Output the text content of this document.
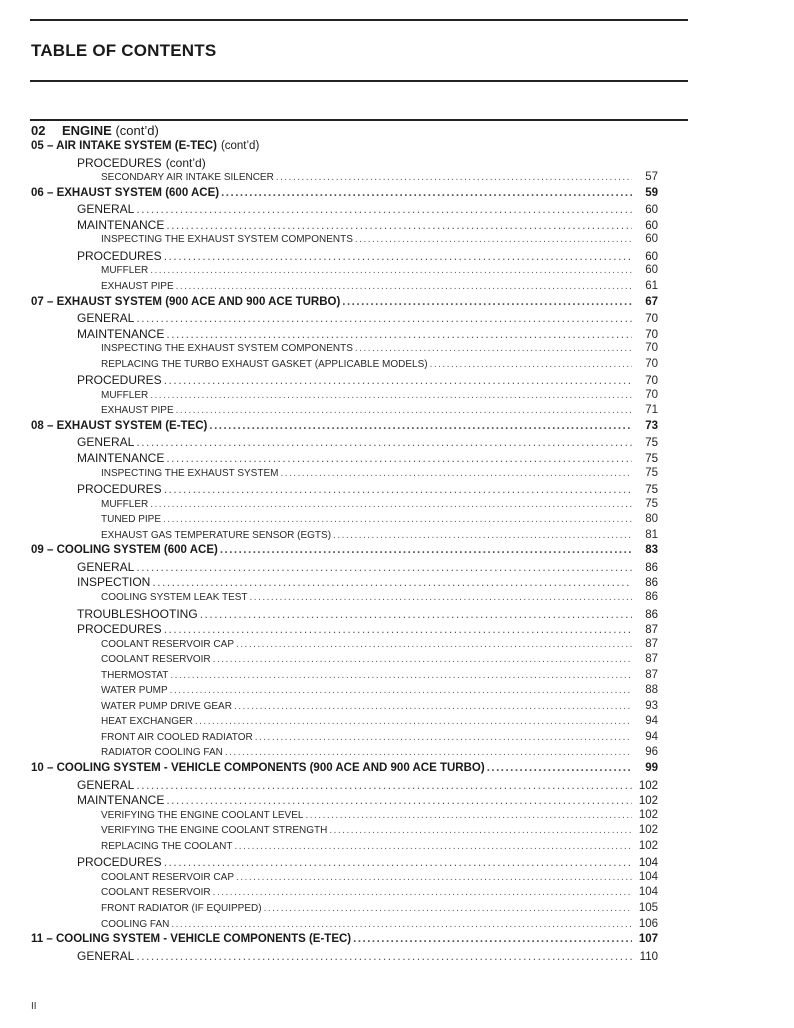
TABLE OF CONTENTS
02 ENGINE (cont’d)
05 – AIR INTAKE SYSTEM (E-TEC) (cont’d)
PROCEDURES (cont’d)
SECONDARY AIR INTAKE SILENCER .....	57
06 – EXHAUST SYSTEM (600 ACE) .....	59
GENERAL .....	60
MAINTENANCE .....	60
INSPECTING THE EXHAUST SYSTEM COMPONENTS .....	60
PROCEDURES .....	60
MUFFLER .....	60
EXHAUST PIPE .....	61
07 – EXHAUST SYSTEM (900 ACE AND 900 ACE TURBO) .....	67
GENERAL .....	70
MAINTENANCE .....	70
INSPECTING THE EXHAUST SYSTEM COMPONENTS .....	70
REPLACING THE TURBO EXHAUST GASKET (APPLICABLE MODELS) .....	70
PROCEDURES .....	70
MUFFLER .....	70
EXHAUST PIPE .....	71
08 – EXHAUST SYSTEM (E-TEC) .....	73
GENERAL .....	75
MAINTENANCE .....	75
INSPECTING THE EXHAUST SYSTEM .....	75
PROCEDURES .....	75
MUFFLER .....	75
TUNED PIPE .....	80
EXHAUST GAS TEMPERATURE SENSOR (EGTS) .....	81
09 – COOLING SYSTEM (600 ACE) .....	83
GENERAL .....	86
INSPECTION .....	86
COOLING SYSTEM LEAK TEST .....	86
TROUBLESHOOTING .....	86
PROCEDURES .....	87
COOLANT RESERVOIR CAP .....	87
COOLANT RESERVOIR .....	87
THERMOSTAT .....	87
WATER PUMP .....	88
WATER PUMP DRIVE GEAR .....	93
HEAT EXCHANGER .....	94
FRONT AIR COOLED RADIATOR .....	94
RADIATOR COOLING FAN .....	96
10 – COOLING SYSTEM - VEHICLE COMPONENTS (900 ACE AND 900 ACE TURBO) .....	99
GENERAL .....	102
MAINTENANCE .....	102
VERIFYING THE ENGINE COOLANT LEVEL .....	102
VERIFYING THE ENGINE COOLANT STRENGTH .....	102
REPLACING THE COOLANT .....	102
PROCEDURES .....	104
COOLANT RESERVOIR CAP .....	104
COOLANT RESERVOIR .....	104
FRONT RADIATOR (IF EQUIPPED) .....	105
COOLING FAN .....	106
11 – COOLING SYSTEM - VEHICLE COMPONENTS (E-TEC) .....	107
GENERAL .....	110
II
